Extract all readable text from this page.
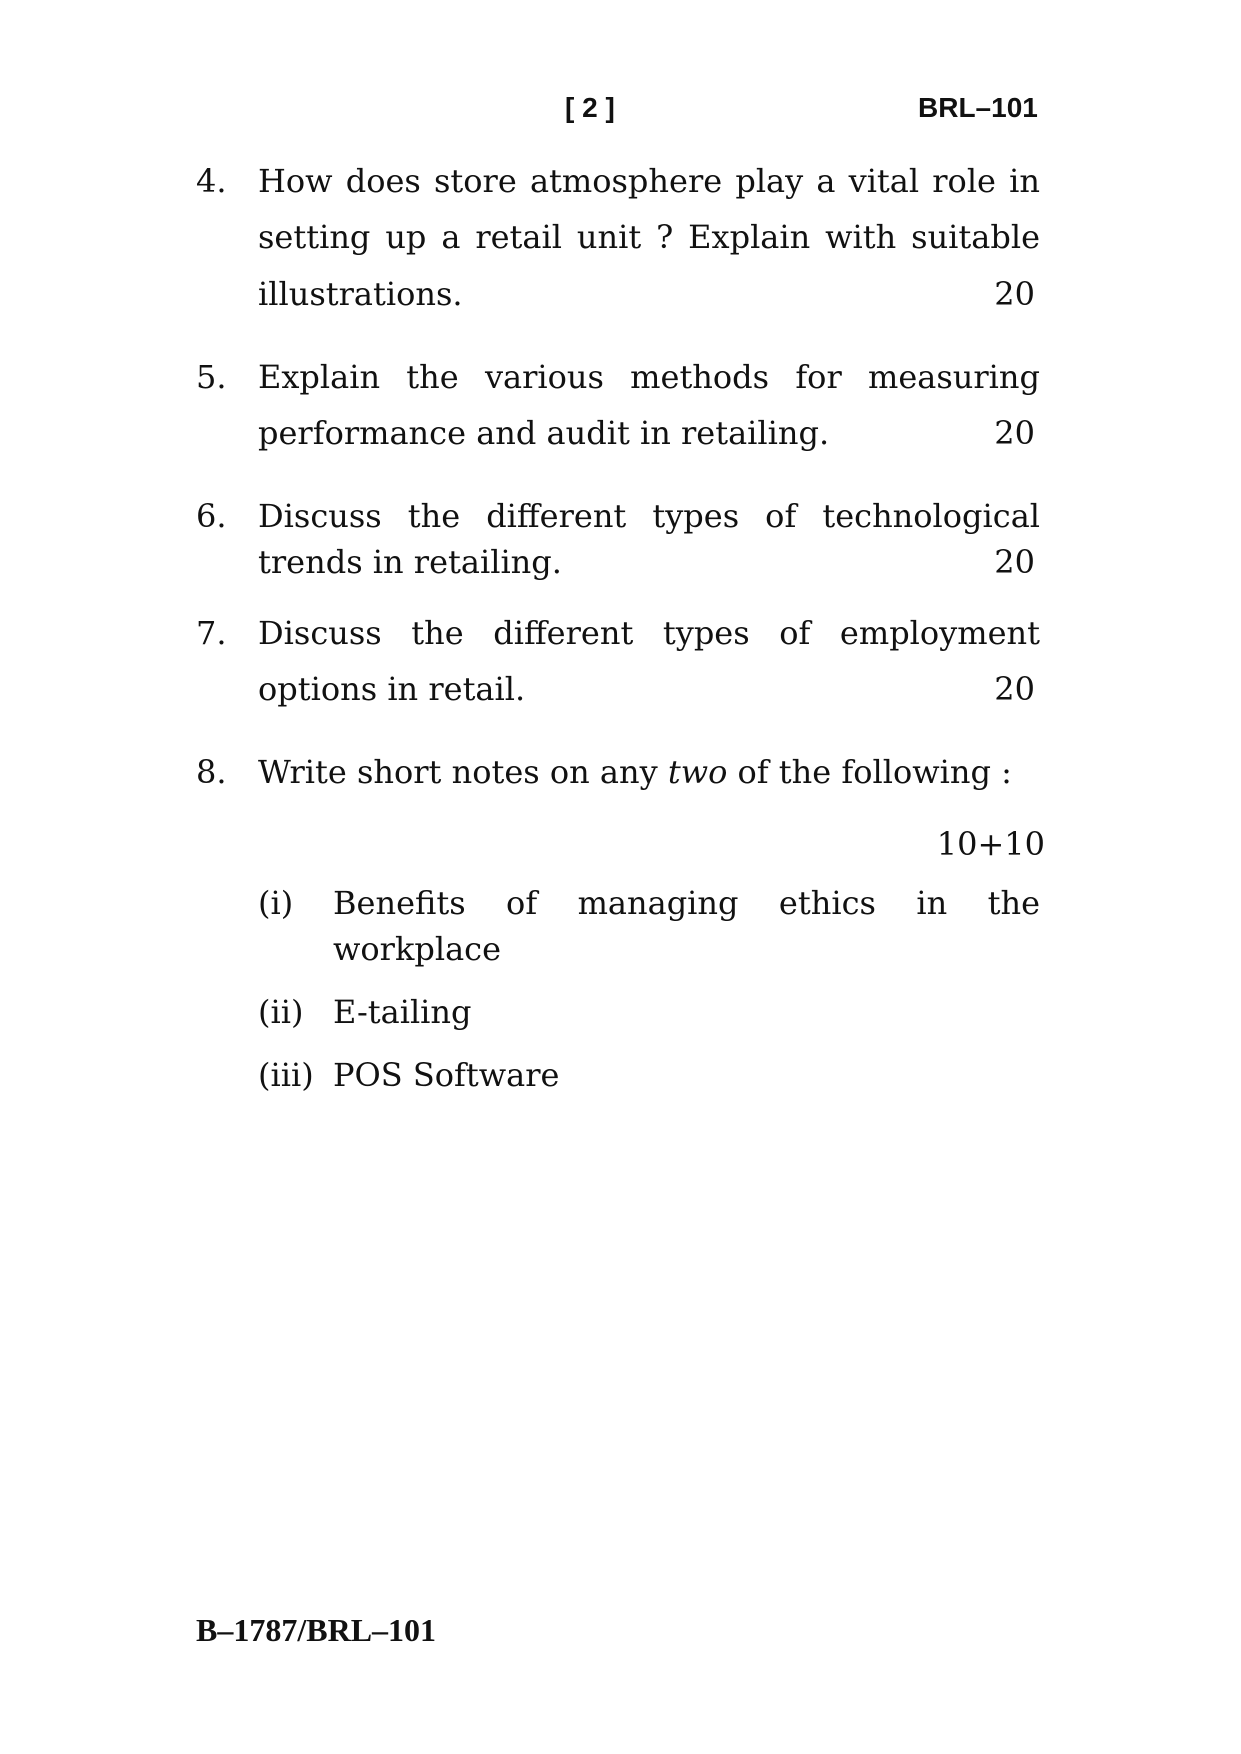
[ 2 ]	BRL–101
4. How does store atmosphere play a vital role in
setting up a retail unit ? Explain with suitable
illustrations.	20
5. Explain the various methods for measuring
performance and audit in retailing.	20
6. Discuss the different types of technological
trends in retailing.	20
7. Discuss the different types of employment
options in retail.	20
8. Write short notes on any two of the following :
10+10
(i) Benefits of managing ethics in the
workplace
(ii) E-tailing
(iii) POS Software
B–1787/BRL–101
